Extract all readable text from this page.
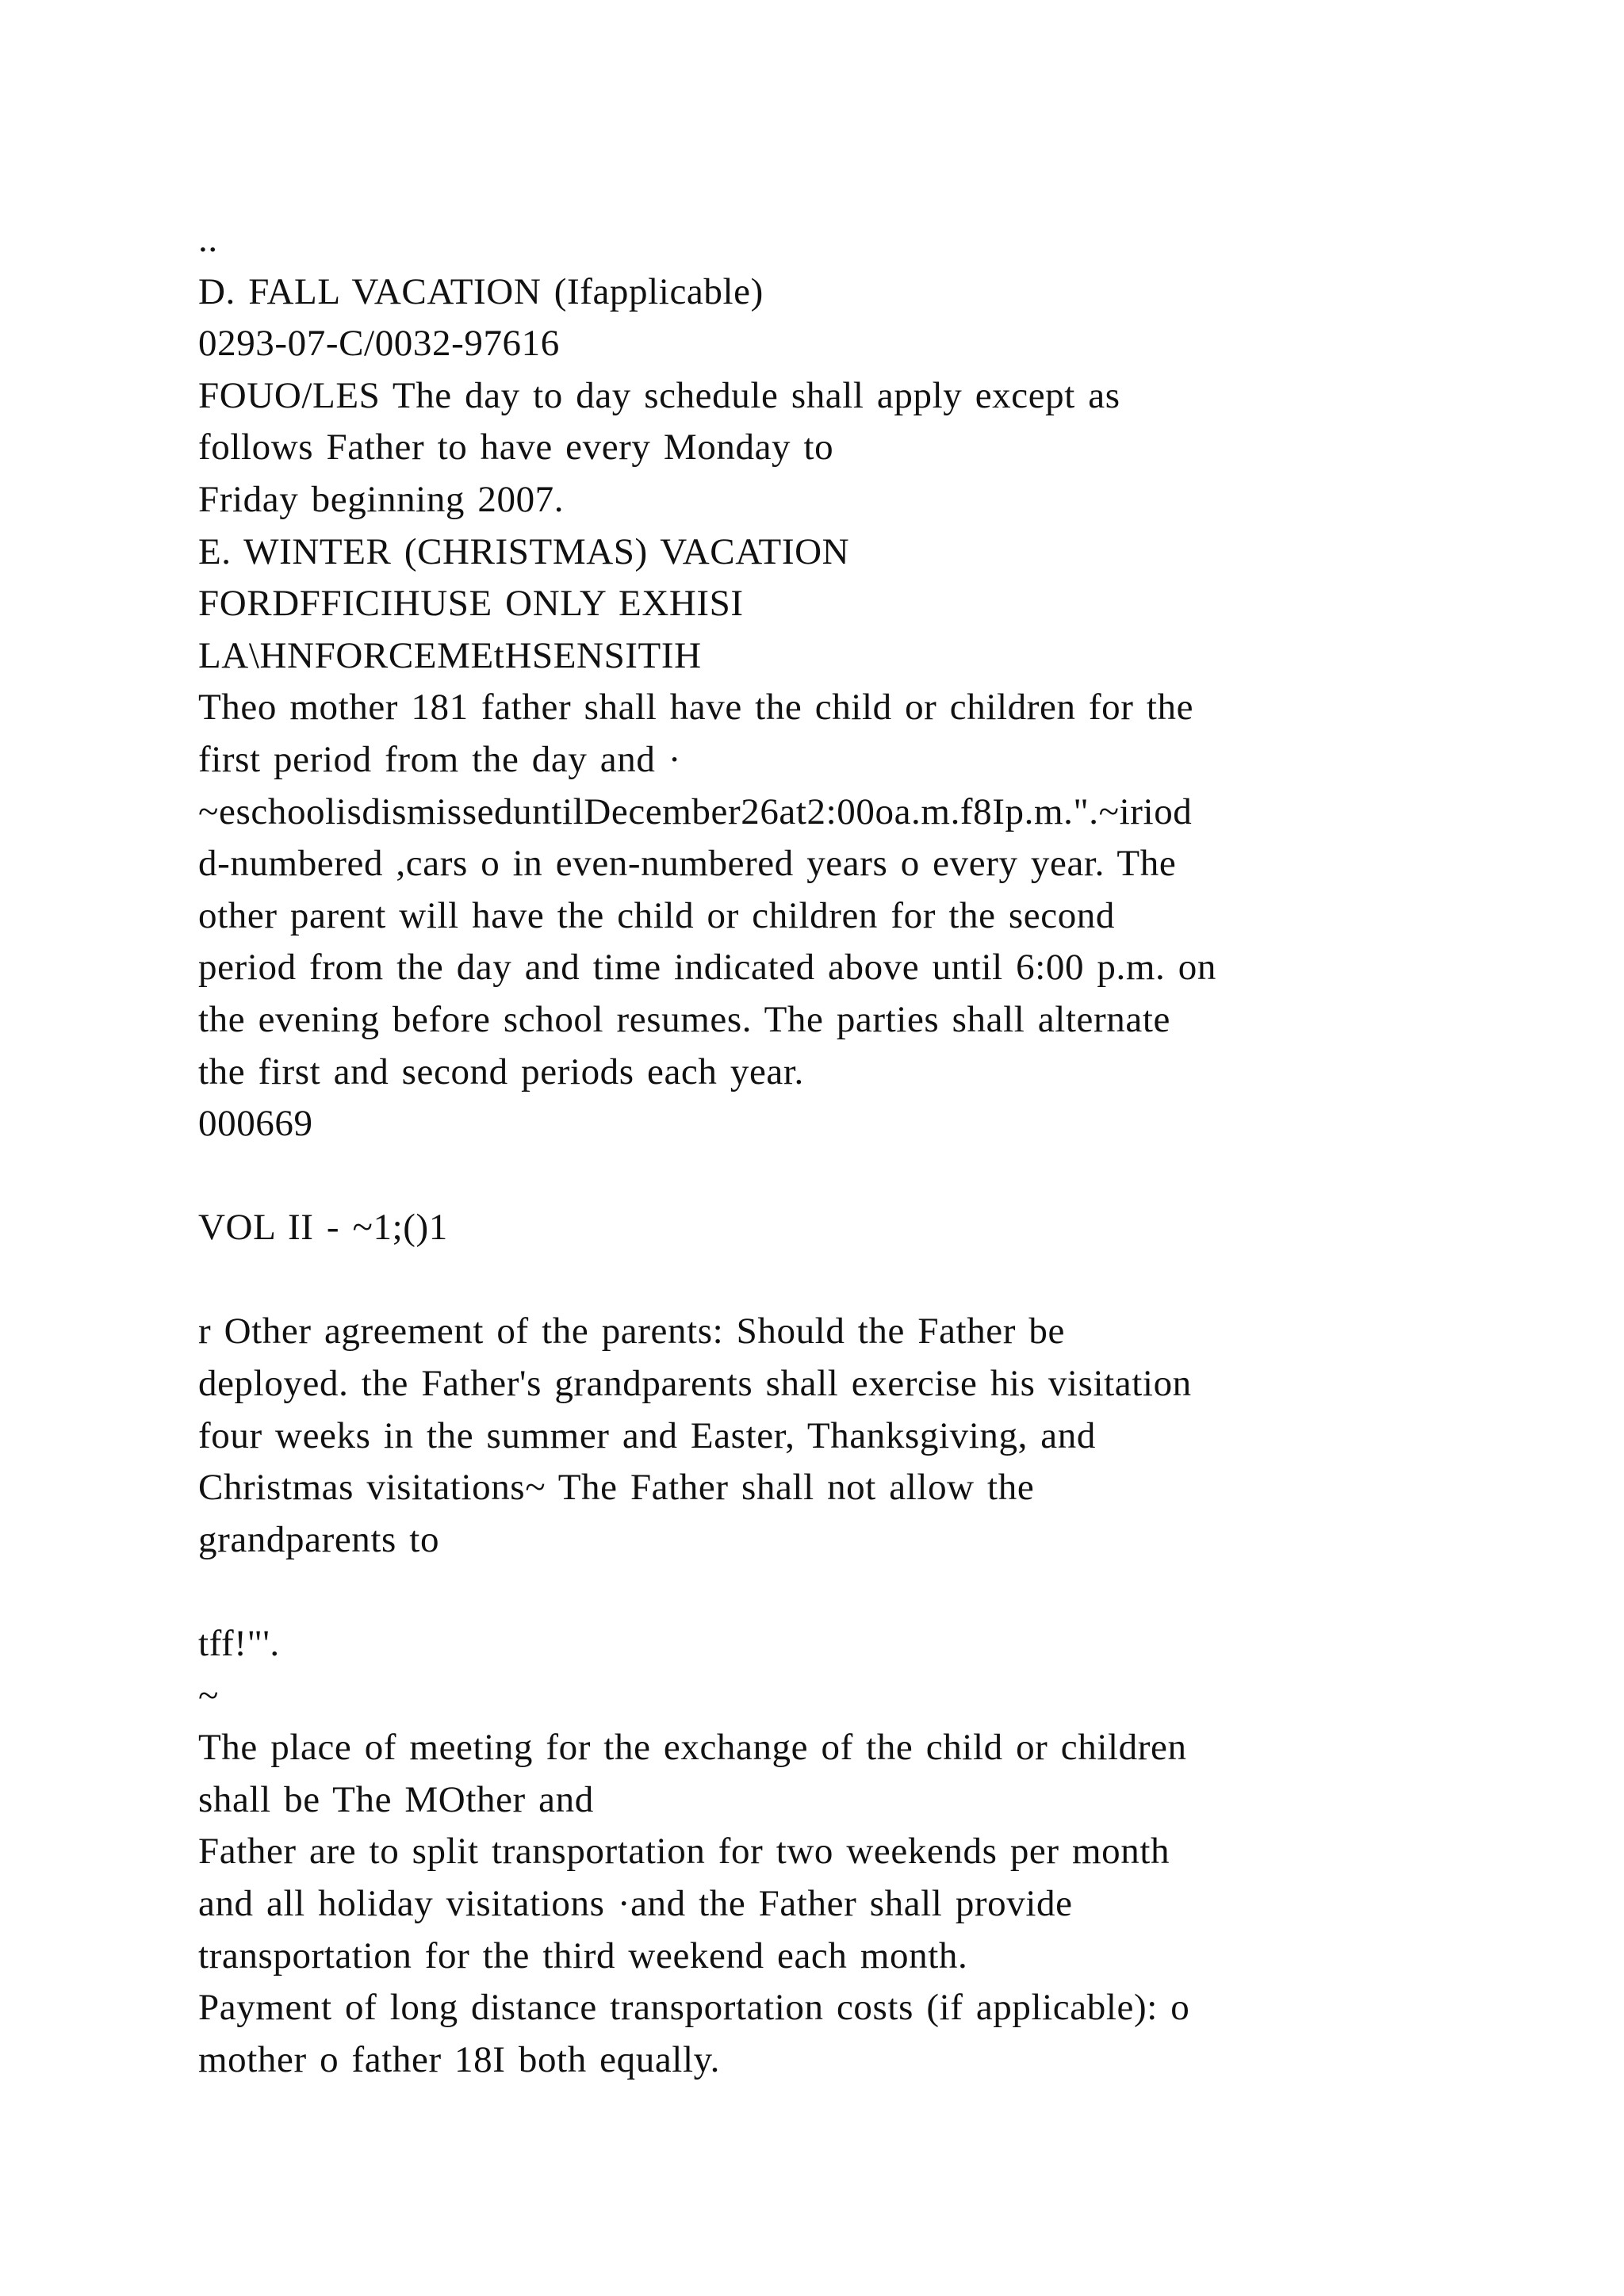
..
D. FALL VACATION (Ifapplicable)
0293-07-C/0032-97616
FOUO/LES The day to day schedule shall apply except as
follows Father to have every Monday to
Friday beginning 2007.
E. WINTER (CHRISTMAS) VACATION
FORDFFICIHUSE ONLY EXHISI
LA\HNFORCEMEtHSENSITIH
Theo mother 181 father shall have the child or children for the
first period from the day and ·
~eschoolisdismisseduntilDecember26at2:00oa.m.f8Ip.m.".~iriod
d-numbered ,cars o in even-numbered years o every year. The
other parent will have the child or children for the second
period from the day and time indicated above until 6:00 p.m. on
the evening before school resumes. The parties shall alternate
the first and second periods each year.
000669
VOL II - ~1;()1
r Other agreement of the parents: Should the Father be
deployed. the Father's grandparents shall exercise his visitation
four weeks in the summer and Easter, Thanksgiving, and
Christmas visitations~ The Father shall not allow the
grandparents to
tff!"'.
~
The place of meeting for the exchange of the child or children
shall be The MOther and
Father are to split transportation for two weekends per month
and all holiday visitations ·and the Father shall provide
transportation for the third weekend each month.
Payment of long distance transportation costs (if applicable): o
mother o father 18I both equally.
